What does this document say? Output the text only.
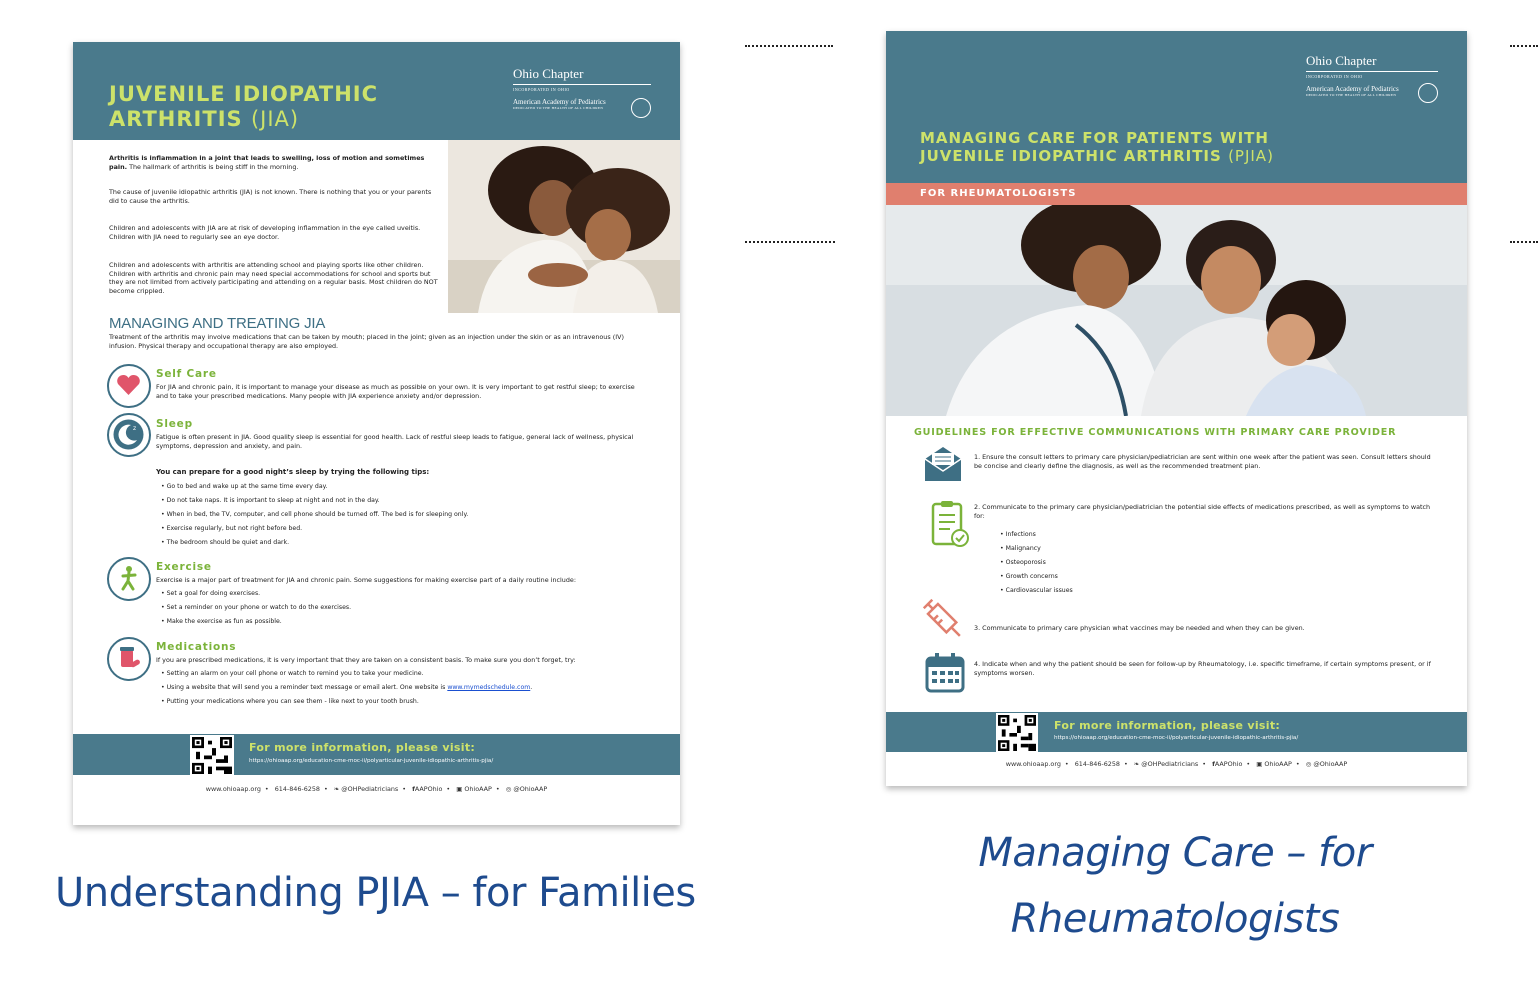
JUVENILE IDIOPATHIC
ARTHRITIS (JIA)
Ohio Chapter
INCORPORATED IN OHIO
American Academy of Pediatrics
DEDICATED TO THE HEALTH OF ALL CHILDREN
Arthritis is inflammation in a joint that leads to swelling, loss of motion and sometimes pain. The hallmark of arthritis is being stiff in the morning.
The cause of juvenile idiopathic arthritis (JIA) is not known. There is nothing that you or your parents did to cause the arthritis.
Children and adolescents with JIA are at risk of developing inflammation in the eye called uveitis. Children with JIA need to regularly see an eye doctor.
Children and adolescents with arthritis are attending school and playing sports like other children. Children with arthritis and chronic pain may need special accommodations for school and sports but they are not limited from actively participating and attending on a regular basis. Most children do NOT become crippled.
MANAGING AND TREATING JIA
Treatment of the arthritis may involve medications that can be taken by mouth; placed in the joint; given as an injection under the skin or as an intravenous (IV) infusion. Physical therapy and occupational therapy are also employed.
Self Care
For JIA and chronic pain, it is important to manage your disease as much as possible on your own. It is very important to get restful sleep; to exercise and to take your prescribed medications. Many people with JIA experience anxiety and/or depression.
z Sleep
Fatigue is often present in JIA. Good quality sleep is essential for good health. Lack of restful sleep leads to fatigue, general lack of wellness, physical symptoms, depression and anxiety, and pain.
You can prepare for a good night’s sleep by trying the following tips:
• Go to bed and wake up at the same time every day.
• Do not take naps. It is important to sleep at night and not in the day.
• When in bed, the TV, computer, and cell phone should be turned off. The bed is for sleeping only.
• Exercise regularly, but not right before bed.
• The bedroom should be quiet and dark.
Exercise
Exercise is a major part of treatment for JIA and chronic pain. Some suggestions for making exercise part of a daily routine include:
• Set a goal for doing exercises.
• Set a reminder on your phone or watch to do the exercises.
• Make the exercise as fun as possible.
Medications
If you are prescribed medications, it is very important that they are taken on a consistent basis. To make sure you don’t forget, try:
• Setting an alarm on your cell phone or watch to remind you to take your medicine.
• Using a website that will send you a reminder text message or email alert. One website is www.mymedschedule.com.
• Putting your medications where you can see them - like next to your tooth brush.
For more information, please visit:
https://ohioaap.org/education-cme-moc-ii/polyarticular-juvenile-idiopathic-arthritis-pjia/
www.ohioaap.org • 614-846-6258 • ❧ @OHPediatricians • fAAPOhio • ▣ OhioAAP • ◎ @OhioAAP
Ohio Chapter
INCORPORATED IN OHIO
American Academy of Pediatrics
DEDICATED TO THE HEALTH OF ALL CHILDREN
MANAGING CARE FOR PATIENTS WITH
JUVENILE IDIOPATHIC ARTHRITIS (PJIA)
FOR RHEUMATOLOGISTS
GUIDELINES FOR EFFECTIVE COMMUNICATIONS WITH PRIMARY CARE PROVIDER
1. Ensure the consult letters to primary care physician/pediatrician are sent within one week after the patient was seen. Consult letters should be concise and clearly define the diagnosis, as well as the recommended treatment plan.
2. Communicate to the primary care physician/pediatrician the potential side effects of medications prescribed, as well as symptoms to watch for:
• Infections
• Malignancy
• Osteoporosis
• Growth concerns
• Cardiovascular issues
3. Communicate to primary care physician what vaccines may be needed and when they can be given.
4. Indicate when and why the patient should be seen for follow-up by Rheumatology, i.e. specific timeframe, if certain symptoms present, or if symptoms worsen.
For more information, please visit:
https://ohioaap.org/education-cme-moc-ii/polyarticular-juvenile-idiopathic-arthritis-pjia/
www.ohioaap.org • 614-846-6258 • ❧ @OHPediatricians • fAAPOhio • ▣ OhioAAP • ◎ @OhioAAP
Understanding PJIA – for Families
Managing Care – for
Rheumatologists
